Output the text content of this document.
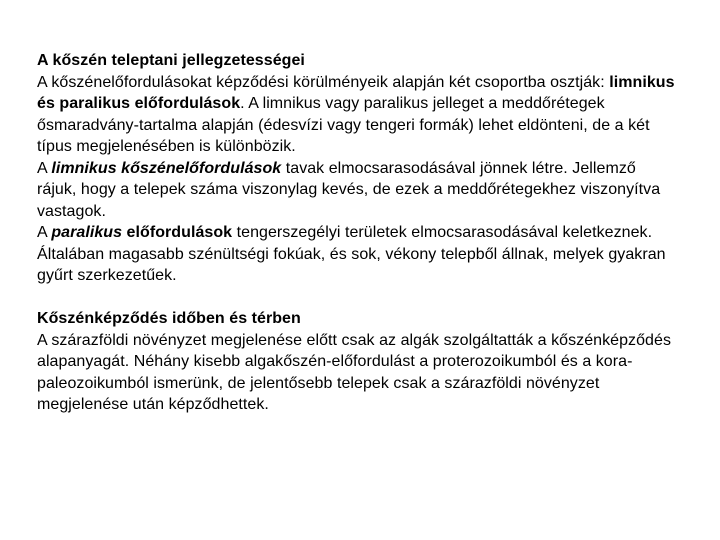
A kőszén teleptani jellegzetességei

A kőszénelőfordulásokat képződési körülményeik alapján két csoportba osztják: limnikus és paralikus előfordulások. A limnikus vagy paralikus jelleget a meddőrétegek ősmaradvány-tartalma alapján (édesvízi vagy tengeri formák) lehet eldönteni, de a két típus megjelenésében is különbözik.

A limnikus kőszénelőfordulások tavak elmocsarasodásával jönnek létre. Jellemző rájuk, hogy a telepek száma viszonylag kevés, de ezek a meddőrétegekhez viszonyítva vastagok.

A paralikus előfordulások tengerszegélyi területek elmocsarasodásával keletkeznek. Általában magasabb szénültségi fokúak, és sok, vékony telepből állnak, melyek gyakran gyűrt szerkezetűek.

Kőszénképződés időben és térben

A szárazföldi növényzet megjelenése előtt csak az algák szolgáltatták a kőszénképződés alapanyagát. Néhány kisebb algakőszén-előfordulást a proterozoikumból és a kora-paleozoikumból ismerünk, de jelentősebb telepek csak a szárazföldi növényzet megjelenése után képződhettek.
